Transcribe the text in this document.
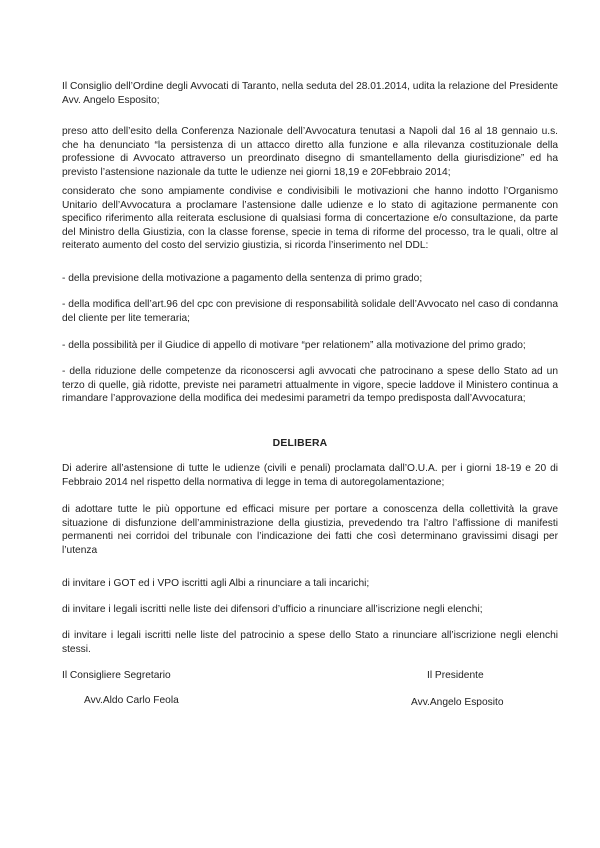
Il Consiglio dell’Ordine degli Avvocati di Taranto, nella seduta del 28.01.2014, udita la relazione del Presidente Avv. Angelo Esposito;

preso atto dell’esito della Conferenza Nazionale dell’Avvocatura tenutasi a Napoli dal 16 al 18 gennaio u.s. che ha denunciato “la persistenza di un attacco diretto alla funzione e alla rilevanza costituzionale della professione di Avvocato attraverso un preordinato disegno di smantellamento della giurisdizione” ed ha previsto l’astensione nazionale da tutte le udienze nei giorni 18,19 e 20Febbraio 2014;

considerato che sono ampiamente condivise e condivisibili le motivazioni che hanno indotto l’Organismo Unitario dell’Avvocatura a proclamare l’astensione dalle udienze e lo stato di agitazione permanente con specifico riferimento alla reiterata esclusione di qualsiasi forma di concertazione e/o consultazione, da parte del Ministro della Giustizia, con la classe forense, specie in tema di riforme del processo, tra le quali, oltre al reiterato aumento del costo del servizio giustizia, si ricorda l’inserimento nel DDL:

- della previsione della motivazione a pagamento della sentenza di primo grado;

- della modifica dell’art.96 del cpc con previsione di responsabilità solidale dell’Avvocato nel caso di condanna del cliente per lite temeraria;

- della possibilità per il Giudice di appello di motivare “per relationem” alla motivazione del primo grado;

- della riduzione delle competenze da riconoscersi agli avvocati che patrocinano a spese dello Stato ad un terzo di quelle, già ridotte, previste nei parametri attualmente in vigore, specie laddove il Ministero continua a rimandare l’approvazione della modifica dei medesimi parametri da tempo predisposta dall’Avvocatura;

DELIBERA

Di aderire all’astensione di tutte le udienze (civili e penali) proclamata dall’O.U.A. per i giorni 18-19 e 20 di Febbraio 2014 nel rispetto della normativa di legge in tema di autoregolamentazione;

di adottare tutte le più opportune ed efficaci misure per portare a conoscenza della collettività la grave situazione di disfunzione dell’amministrazione della giustizia, prevedendo tra l’altro l’affissione di manifesti permanenti nei corridoi del tribunale con l’indicazione dei fatti che così determinano gravissimi disagi per l’utenza

di invitare i GOT ed i VPO iscritti agli Albi a rinunciare a tali incarichi;

di invitare i legali iscritti nelle liste dei difensori d’ufficio a rinunciare all’iscrizione negli elenchi;

di invitare i legali iscritti nelle liste del patrocinio a spese dello Stato a rinunciare all’iscrizione negli elenchi stessi.

Il Consigliere Segretario
Avv.Aldo Carlo Feola
Il Presidente
Avv.Angelo Esposito
